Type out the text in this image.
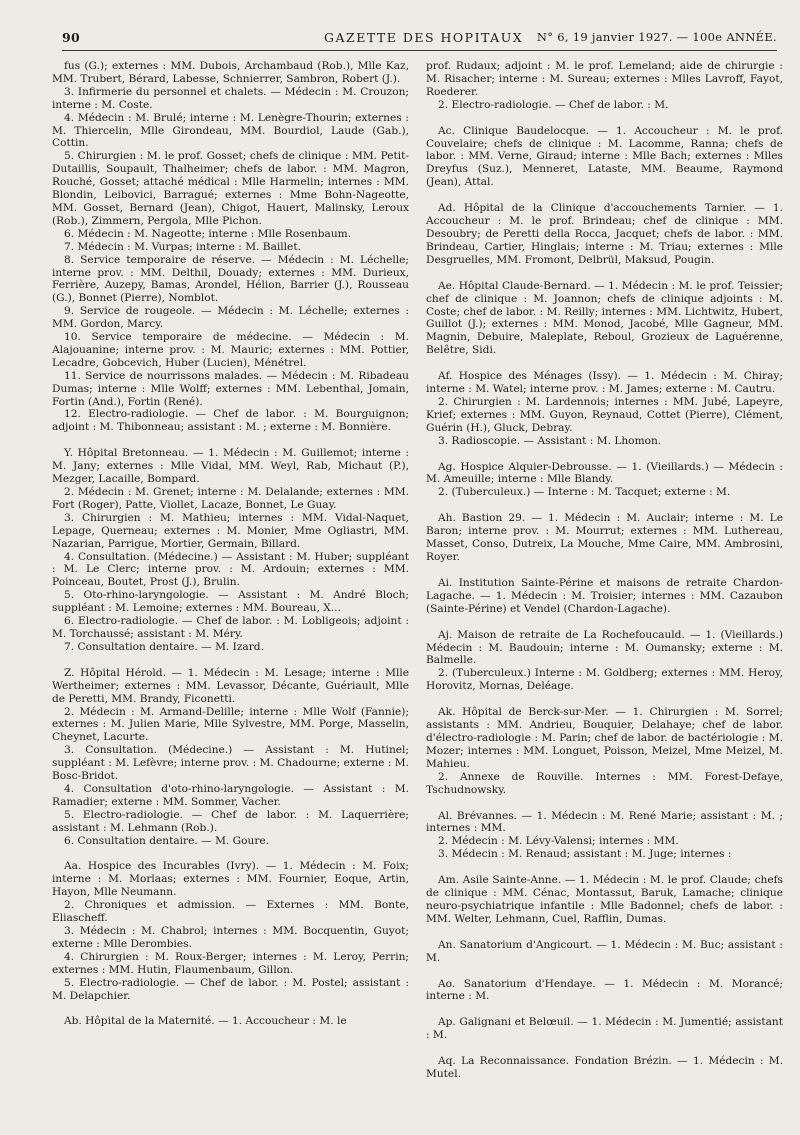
90	GAZETTE DES HOPITAUX N° 6, 19 janvier 1927. — 100e ANNÉE.

fus (G.); externes : MM. Dubois, Archambaud (Rob.), Mlle Kaz, MM. Trubert, Bérard, Labesse, Schnierrer, Sambron, Robert (J.).

3. Infirmerie du personnel et chalets. — Médecin : M. Crouzon; interne : M. Coste.

4. Médecin : M. Brulé; interne : M. Lenègre-Thourin; externes : M. Thiercelin, Mlle Girondeau, MM. Bourdiol, Laude (Gab.), Cottin.

5. Chirurgien : M. le prof. Gosset; chefs de clinique : MM. Petit-Dutaillis, Soupault, Thalheimer; chefs de labor. : MM. Magron, Rouché, Gosset; attaché médical : Mlle Harmelin; internes : MM. Blondin, Leibovici, Barragué; externes : Mme Bohn-Nageotte, MM. Gosset, Bernard (Jean), Chigot, Hauert, Malinsky, Leroux (Rob.), Zimmern, Pergola, Mlle Pichon.

6. Médecin : M. Nageotte; interne : Mlle Rosenbaum.

7. Médecin : M. Vurpas; interne : M. Baillet.

8. Service temporaire de réserve. — Médecin : M. Léchelle; interne prov. : MM. Delthil, Douady; externes : MM. Durieux, Ferrière, Auzepy, Bamas, Arondel, Hélion, Barrier (J.), Rousseau (G.), Bonnet (Pierre), Nomblot.

9. Service de rougeole. — Médecin : M. Léchelle; externes : MM. Gordon, Marcy.

10. Service temporaire de médecine. — Médecin : M. Alajouanine; interne prov. : M. Mauric; externes : MM. Pottier, Lecadre, Gobcevich, Huber (Lucien), Ménétrel.

11. Service de nourrissons malades. — Médecin : M. Ribadeau Dumas; interne : Mlle Wolff; externes : MM. Lebenthal, Jomain, Fortin (And.), Fortin (René).

12. Electro-radiologie. — Chef de labor. : M. Bourguignon; adjoint : M. Thibonneau; assistant : M. ; externe : M. Bonnière.

Y. Hôpital Bretonneau. — 1. Médecin : M. Guillemot; interne : M. Jany; externes : Mlle Vidal, MM. Weyl, Rab, Michaut (P.), Mezger, Lacaille, Bompard.

2. Médecin : M. Grenet; interne : M. Delalande; externes : MM. Fort (Roger), Patte, Viollet, Lacaze, Bonnet, Le Guay.

3. Chirurgien : M. Mathieu; internes : MM. Vidal-Naquet, Lepage, Querneau; externes : M. Monier, Mme Ogliastri, MM. Nazarian, Parrigue, Mortier, Germain, Billard.

4. Consultation. (Médecine.) — Assistant : M. Huber; suppléant : M. Le Clerc; interne prov. : M. Ardouin; externes : MM. Poinceau, Boutet, Prost (J.), Brulin.

5. Oto-rhino-laryngologie. — Assistant : M. André Bloch; suppléant : M. Lemoine; externes : MM. Boureau, X...

6. Electro-radiologie. — Chef de labor. : M. Lobligeois; adjoint : M. Torchaussé; assistant : M. Méry.

7. Consultation dentaire. — M. Izard.

Z. Hôpital Hérold. — 1. Médecin : M. Lesage; interne : Mlle Wertheimer; externes : MM. Levassor, Décante, Guériault, Mlle de Peretti, MM. Brandy, Ficonetti.

2. Médecin : M. Armand-Delille; interne : Mlle Wolf (Fannie); externes : M. Julien Marie, Mlle Sylvestre, MM. Porge, Masselin, Cheynet, Lacurte.

3. Consultation. (Médecine.) — Assistant : M. Hutinel; suppléant : M. Lefèvre; interne prov. : M. Chadourne; externe : M. Bosc-Bridot.

4. Consultation d'oto-rhino-laryngologie. — Assistant : M. Ramadier; externe : MM. Sommer, Vacher.

5. Electro-radiologie. — Chef de labor. : M. Laquerrière; assistant : M. Lehmann (Rob.).

6. Consultation dentaire. — M. Goure.

Aa. Hospice des Incurables (Ivry). — 1. Médecin : M. Foix; interne : M. Morlaas; externes : MM. Fournier, Eoque, Artin, Hayon, Mlle Neumann.

2. Chroniques et admission. — Externes : MM. Bonte, Eliascheff.

3. Médecin : M. Chabrol; internes : MM. Bocquentin, Guyot; externe : Mlle Derombies.

4. Chirurgien : M. Roux-Berger; internes : M. Leroy, Perrin; externes : MM. Hutin, Flaumenbaum, Gillon.

5. Electro-radiologie. — Chef de labor. : M. Postel; assistant : M. Delapchier.

Ab. Hôpital de la Maternité. — 1. Accoucheur : M. le

prof. Rudaux; adjoint : M. le prof. Lemeland; aide de chirurgie : M. Risacher; interne : M. Sureau; externes : Mlles Lavroff, Fayot, Roederer.

2. Electro-radiologie. — Chef de labor. : M.

Ac. Clinique Baudelocque. — 1. Accoucheur : M. le prof. Couvelaire; chefs de clinique : M. Lacomme, Ranna; chefs de labor. : MM. Verne, Giraud; interne : Mlle Bach; externes : Mlles Dreyfus (Suz.), Menneret, Lataste, MM. Beaume, Raymond (Jean), Attal.

Ad. Hôpital de la Clinique d'accouchements Tarnier. — 1. Accoucheur : M. le prof. Brindeau; chef de clinique : MM. Desoubry; de Peretti della Rocca, Jacquet; chefs de labor. : MM. Brindeau, Cartier, Hinglais; interne : M. Triau; externes : Mlle Desgruelles, MM. Fromont, Delbrül, Maksud, Pougin.

Ae. Hôpital Claude-Bernard. — 1. Médecin : M. le prof. Teissier; chef de clinique : M. Joannon; chefs de clinique adjoints : M. Coste; chef de labor. : M. Reilly; internes : MM. Lichtwitz, Hubert, Guillot (J.); externes : MM. Monod, Jacobé, Mlle Gagneur, MM. Magnin, Debuire, Maleplate, Reboul, Grozieux de Laguérenne, Belêtre, Sidi.

Af. Hospice des Ménages (Issy). — 1. Médecin : M. Chiray; interne : M. Watel; interne prov. : M. James; externe : M. Cautru.

2. Chirurgien : M. Lardennois; internes : MM. Jubé, Lapeyre, Krief; externes : MM. Guyon, Reynaud, Cottet (Pierre), Clément, Guérin (H.), Gluck, Debray.

3. Radioscopie. — Assistant : M. Lhomon.

Ag. Hospice Alquier-Debrousse. — 1. (Vieillards.) — Médecin : M. Ameuille; interne : Mlle Blandy.

2. (Tuberculeux.) — Interne : M. Tacquet; externe : M.

Ah. Bastion 29. — 1. Médecin : M. Auclair; interne : M. Le Baron; interne prov. : M. Mourrut; externes : MM. Luthereau, Masset, Conso, Dutreix, La Mouche, Mme Caire, MM. Ambrosini, Royer.

Ai. Institution Sainte-Périne et maisons de retraite Chardon-Lagache. — 1. Médecin : M. Troisier; internes : MM. Cazaubon (Sainte-Périne) et Vendel (Chardon-Lagache).

Aj. Maison de retraite de La Rochefoucauld. — 1. (Vieillards.) Médecin : M. Baudouin; interne : M. Oumansky; externe : M. Balmelle.

2. (Tuberculeux.) Interne : M. Goldberg; externes : MM. Heroy, Horovitz, Mornas, Deléage.

Ak. Hôpital de Berck-sur-Mer. — 1. Chirurgien : M. Sorrel; assistants : MM. Andrieu, Bouquier, Delahaye; chef de labor. d'électro-radiologie : M. Parin; chef de labor. de bactériologie : M. Mozer; internes : MM. Longuet, Poisson, Meizel, Mme Meizel, M. Mahieu.

2. Annexe de Rouville. Internes : MM. Forest-Defaye, Tschudnowsky.

Al. Brévannes. — 1. Médecin : M. René Marie; assistant : M. ; internes : MM.

2. Médecin : M. Lévy-Valensi; internes : MM.

3. Médecin : M. Renaud; assistant : M. Juge; internes :

Am. Asile Sainte-Anne. — 1. Médecin : M. le prof. Claude; chefs de clinique : MM. Cénac, Montassut, Baruk, Lamache; clinique neuro-psychiatrique infantile : Mlle Badonnel; chefs de labor. : MM. Welter, Lehmann, Cuel, Rafflin, Dumas.

An. Sanatorium d'Angicourt. — 1. Médecin : M. Buc; assistant : M.

Ao. Sanatorium d'Hendaye. — 1. Médecin : M. Morancé; interne : M.

Ap. Galignani et Belœuil. — 1. Médecin : M. Jumentié; assistant : M.

Aq. La Reconnaissance. Fondation Brézin. — 1. Médecin : M. Mutel.
